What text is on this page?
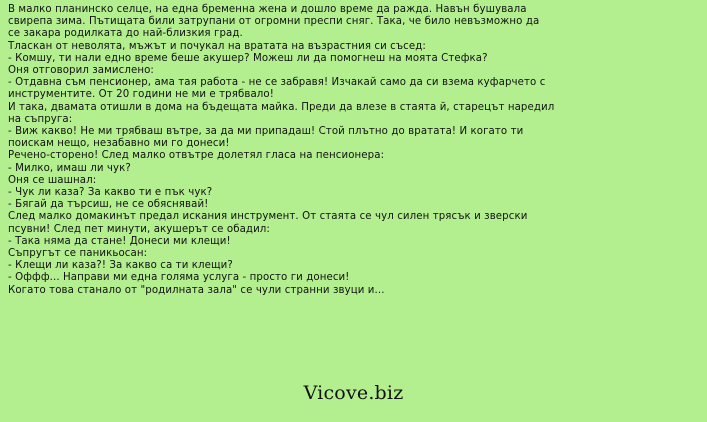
В малко планинско селце, на една бременна жена и дошло време да ражда. Навън бушувала
свирепа зима. Пътищата били затрупани от огромни преспи сняг. Така, че било невъзможно да
се закара родилката до най-близкия град.
Тласкан от неволята, мъжът и почукал на вратата на възрастния си съсед:
- Комшу, ти нали едно време беше акушер? Можеш ли да помогнеш на моята Стефка?
Оня отговорил замислено:
- Отдавна съм пенсионер, ама тая работа - не се забравя! Изчакай само да си взема куфарчето с
инструментите. От 20 години не ми е трябвало!
И така, двамата отишли в дома на бъдещата майка. Преди да влезе в стаята й, старецът наредил
на съпруга:
- Виж какво! Не ми трябваш вътре, за да ми припадаш! Стой плътно до вратата! И когато ти
поискам нещо, незабавно ми го донеси!
Речено-сторено! След малко отвътре долетял гласа на пенсионера:
- Милко, имаш ли чук?
Оня се шашнал:
- Чук ли каза? За какво ти е пък чук?
- Бягай да търсиш, не се обяснявай!
След малко домакинът предал искания инструмент. От стаята се чул силен трясък и зверски
псувни! След пет минути, акушерът се обадил:
- Така няма да стане! Донеси ми клещи!
Съпругът се паникьосан:
- Клещи ли каза?! За какво са ти клещи?
- Оффф... Направи ми една голяма услуга - просто ги донеси!
Когато това станало от "родилната зала" се чули странни звуци и...
Vicove.biz
